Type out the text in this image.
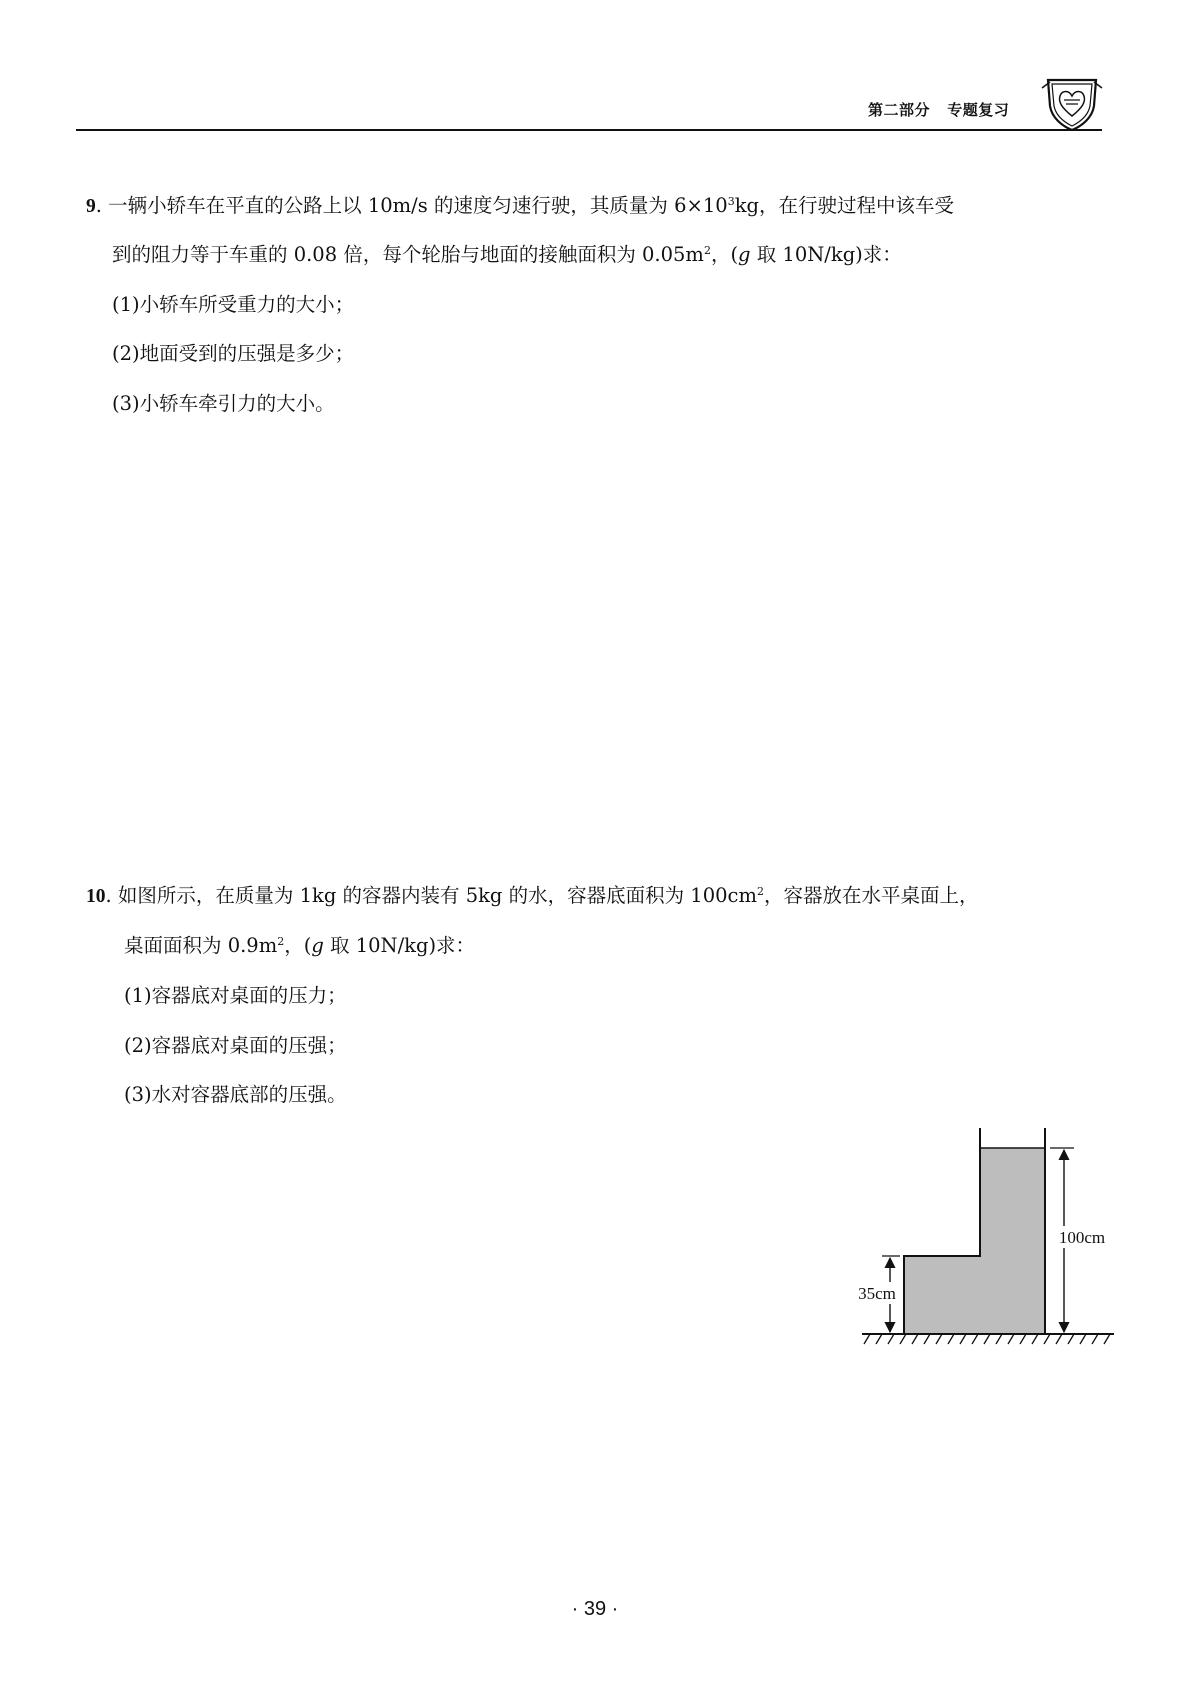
第二部分 专题复习
9. 一辆小轿车在平直的公路上以 10m/s 的速度匀速行驶，其质量为 $6\times 10^3kg$，在行驶过程中该车受
到的阻力等于车重的 0.08 倍，每个轮胎与地面的接触面积为 $0.05m^2$，(g 取 10N/kg)求：
(1)小轿车所受重力的大小；
(2)地面受到的压强是多少；
(3)小轿车牵引力的大小。
10. 如图所示，在质量为 1kg 的容器内装有 5kg 的水，容器底面积为 $100cm^2$，容器放在水平桌面上，
桌面面积为 $0.9m^2$，(g 取 10N/kg)求：
(1)容器底对桌面的压力；
(2)容器底对桌面的压强；
(3)水对容器底部的压强。
100cm
35cm
· 39 ·
